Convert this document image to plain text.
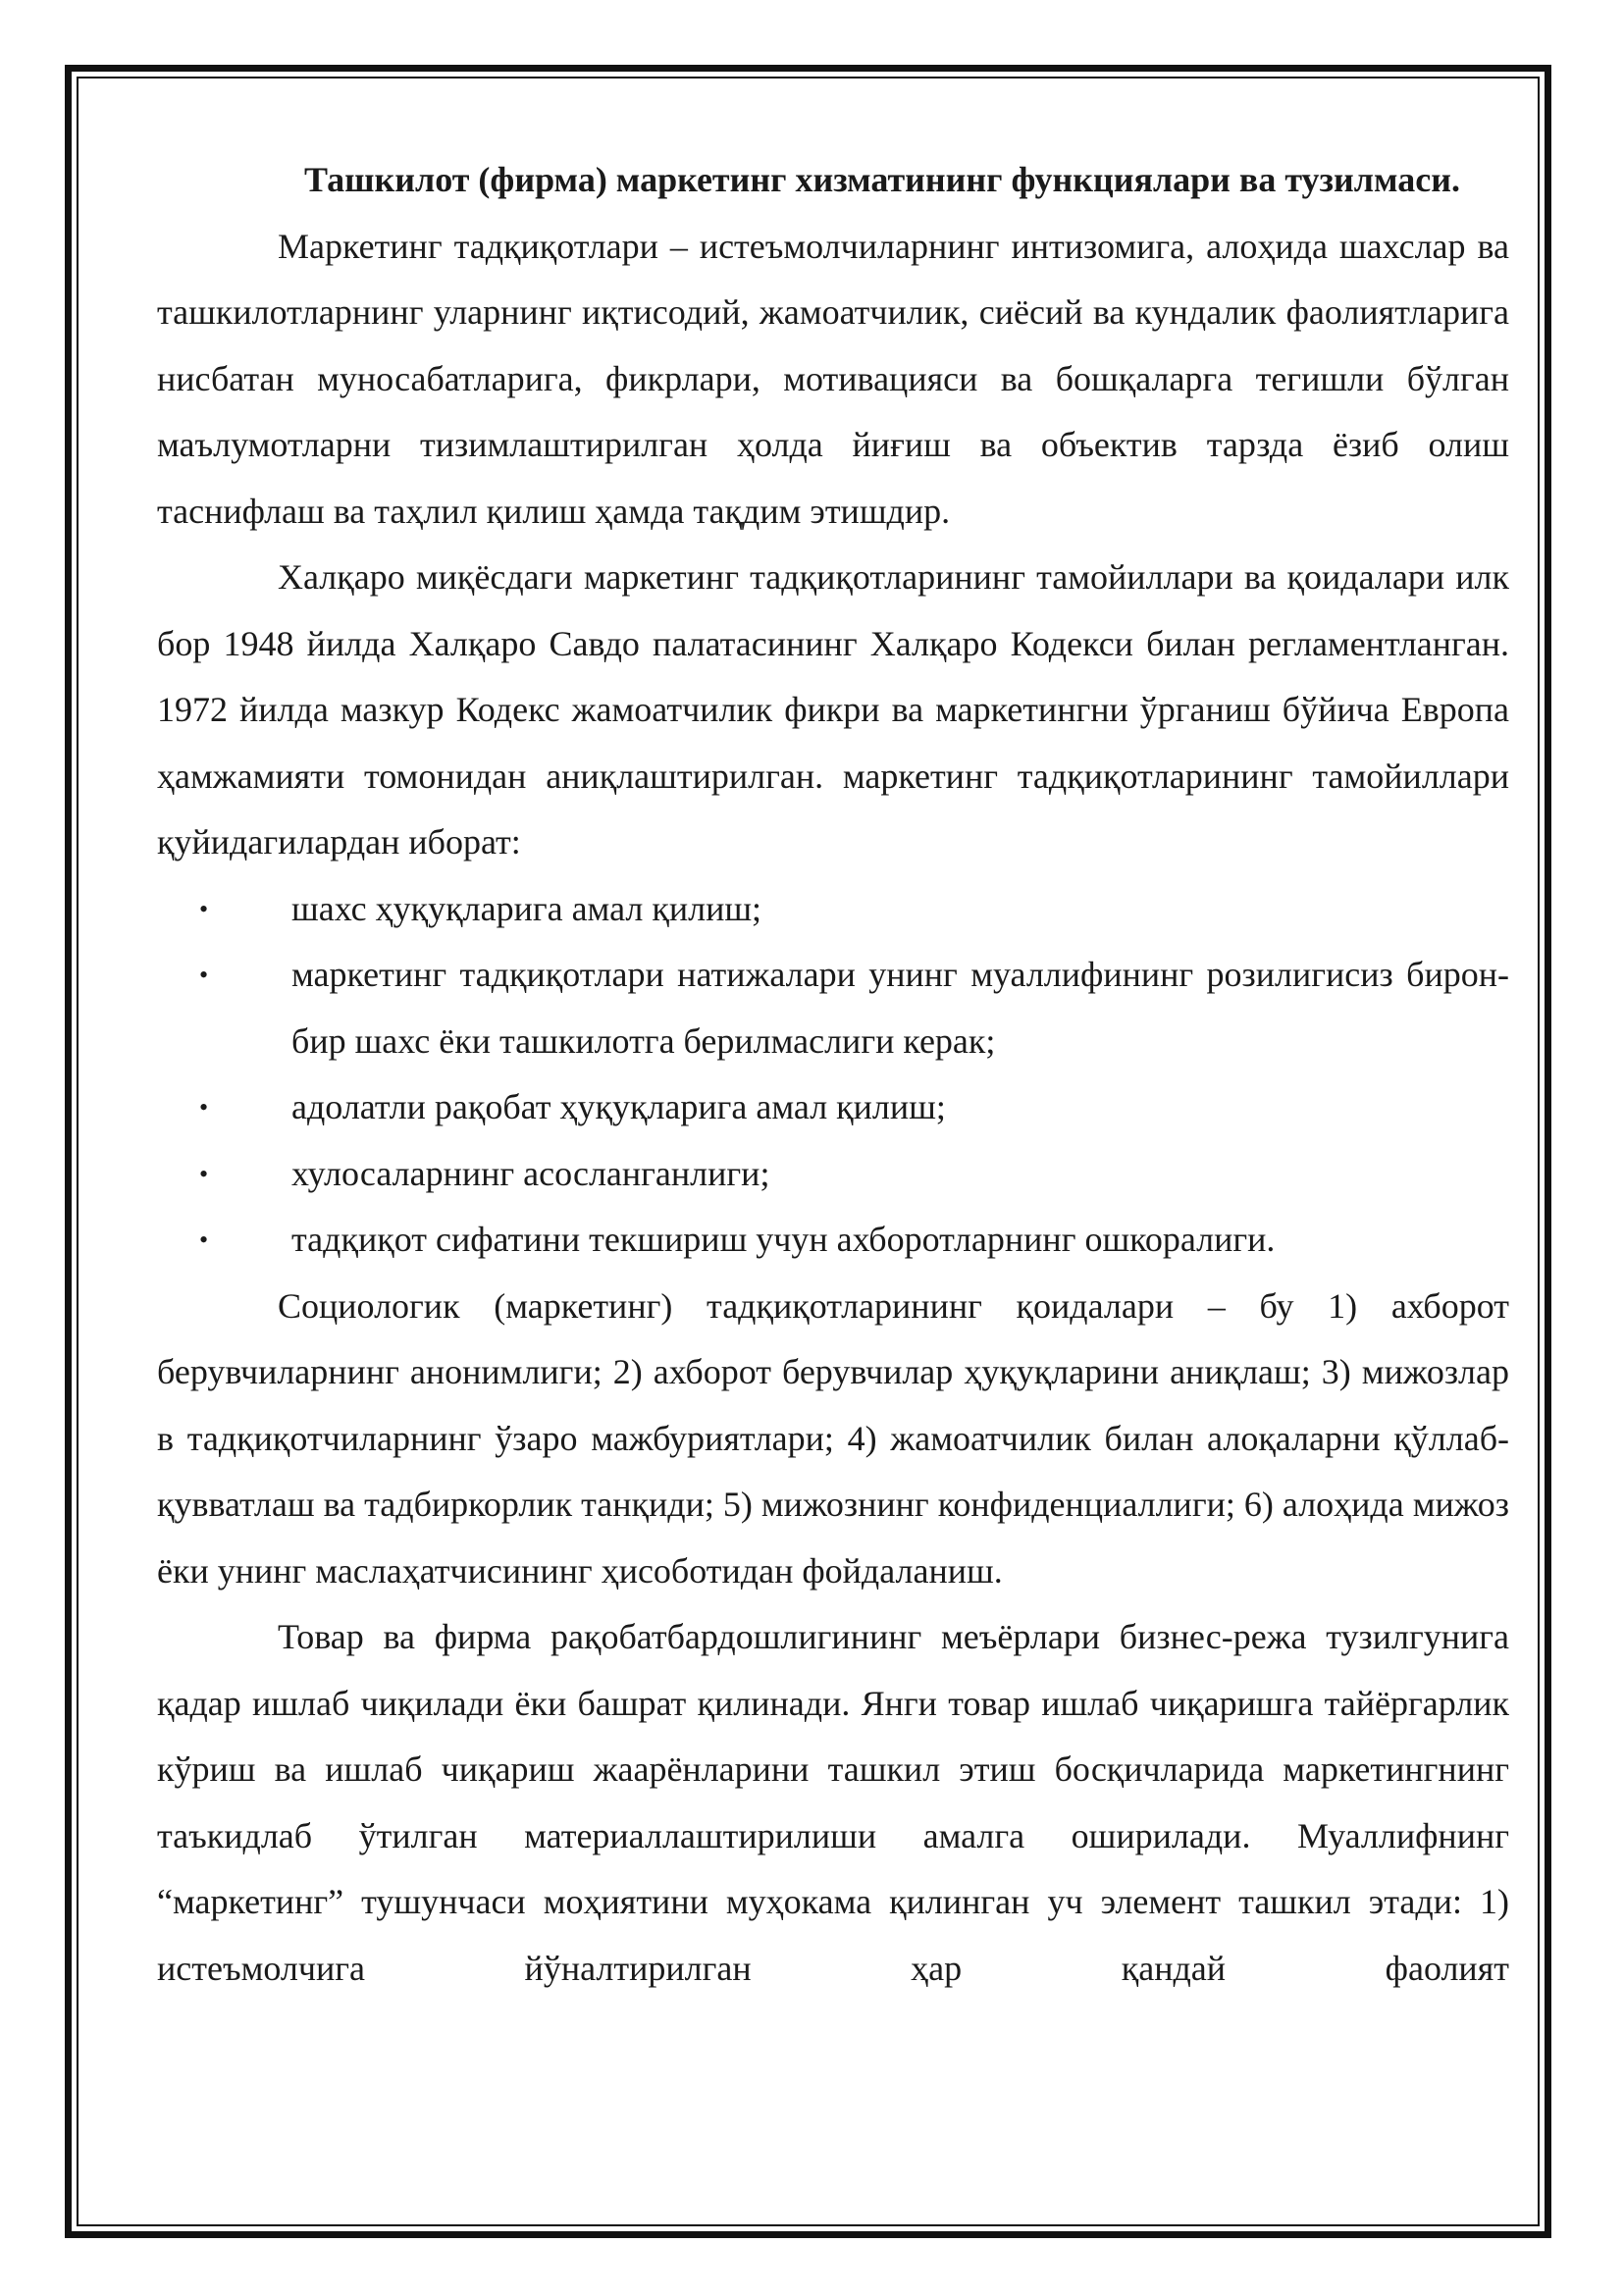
Ташкилот (фирма) маркетинг хизматининг функциялари ва тузилмаси.

Маркетинг тадқиқотлари – истеъмолчиларнинг интизомига, алоҳида шахслар ва ташкилотларнинг уларнинг иқтисодий, жамоатчилик, сиёсий ва кундалик фаолиятларига нисбатан муносабатларига, фикрлари, мотивацияси ва бошқаларга тегишли бўлган маълумотларни тизимлаштирилган ҳолда йиғиш ва объектив тарзда ёзиб олиш таснифлаш ва таҳлил қилиш ҳамда тақдим этишдир.

Халқаро миқёсдаги маркетинг тадқиқотларининг тамойиллари ва қоидалари илк бор 1948 йилда Халқаро Савдо палатасининг Халқаро Кодекси билан регламентланган. 1972 йилда мазкур Кодекс жамоатчилик фикри ва маркетингни ўрганиш бўйича Европа ҳамжамияти томонидан аниқлаштирилган. маркетинг тадқиқотларининг тамойиллари қуйидагилардан иборат:

• шахс ҳуқуқларига амал қилиш;
• маркетинг тадқиқотлари натижалари унинг муаллифининг розилигисиз бирон-бир шахс ёки ташкилотга берилмаслиги керак;
• адолатли рақобат ҳуқуқларига амал қилиш;
• хулосаларнинг асосланганлиги;
• тадқиқот сифатини текшириш учун ахборотларнинг ошкоралиги.

Социологик (маркетинг) тадқиқотларининг қоидалари – бу 1) ахборот берувчиларнинг анонимлиги; 2) ахборот берувчилар ҳуқуқларини аниқлаш; 3) мижозлар в тадқиқотчиларнинг ўзаро мажбуриятлари; 4) жамоатчилик билан алоқаларни қўллаб-қувватлаш ва тадбиркорлик танқиди; 5) мижознинг конфиденциаллиги; 6) алоҳида мижоз ёки унинг маслаҳатчисининг ҳисоботидан фойдаланиш.

Товар ва фирма рақобатбардошлигининг меъёрлари бизнес-режа тузилгунига қадар ишлаб чиқилади ёки башрат қилинади. Янги товар ишлаб чиқаришга тайёргарлик кўриш ва ишлаб чиқариш жаарёнларини ташкил этиш босқичларида маркетингнинг таъкидлаб ўтилган материаллаштирилиши амалга оширилади. Муаллифнинг “маркетинг” тушунчаси моҳиятини муҳокама қилинган уч элемент ташкил этади: 1) истеъмолчига йўналтирилган ҳар қандай фаолият
